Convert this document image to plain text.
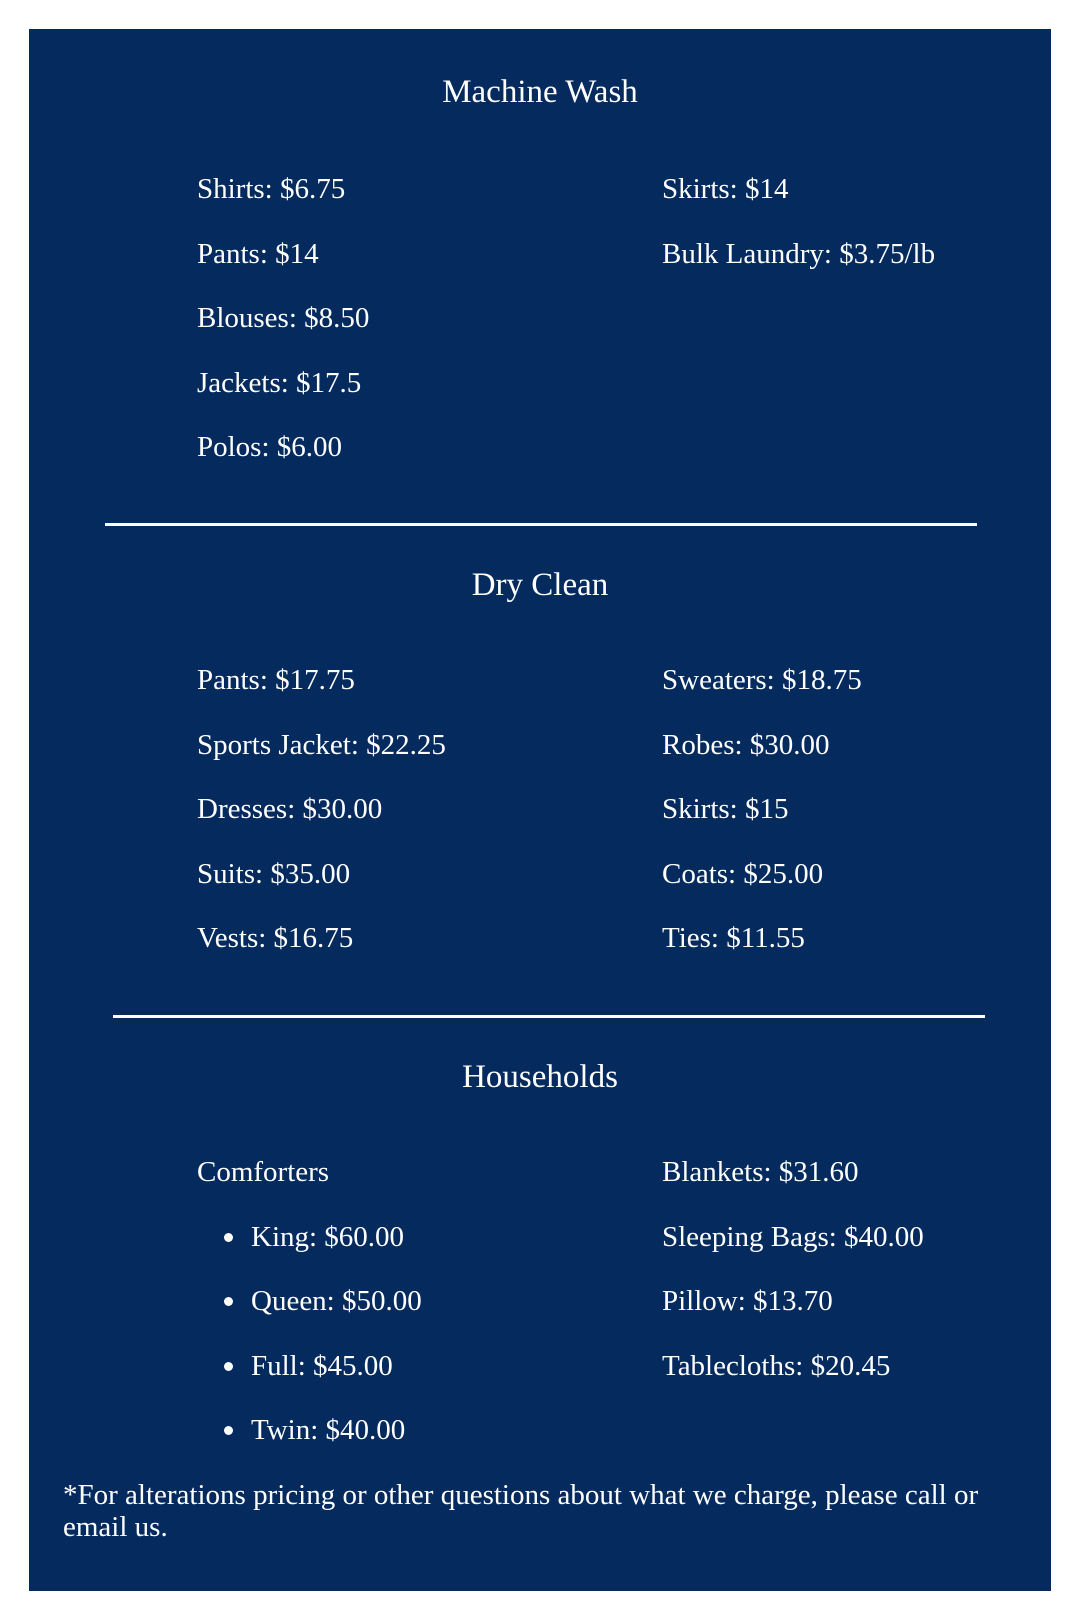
Machine Wash
Shirts: $6.75
Pants: $14
Blouses: $8.50
Jackets: $17.5
Polos: $6.00
Skirts: $14
Bulk Laundry: $3.75/lb
Dry Clean
Pants: $17.75
Sports Jacket: $22.25
Dresses: $30.00
Suits: $35.00
Vests: $16.75
Sweaters: $18.75
Robes: $30.00
Skirts: $15
Coats: $25.00
Ties: $11.55
Households
Comforters
King: $60.00
Queen: $50.00
Full: $45.00
Twin: $40.00
Blankets: $31.60
Sleeping Bags: $40.00
Pillow: $13.70
Tablecloths: $20.45

*For alterations pricing or other questions about what we charge, please call or email us.
